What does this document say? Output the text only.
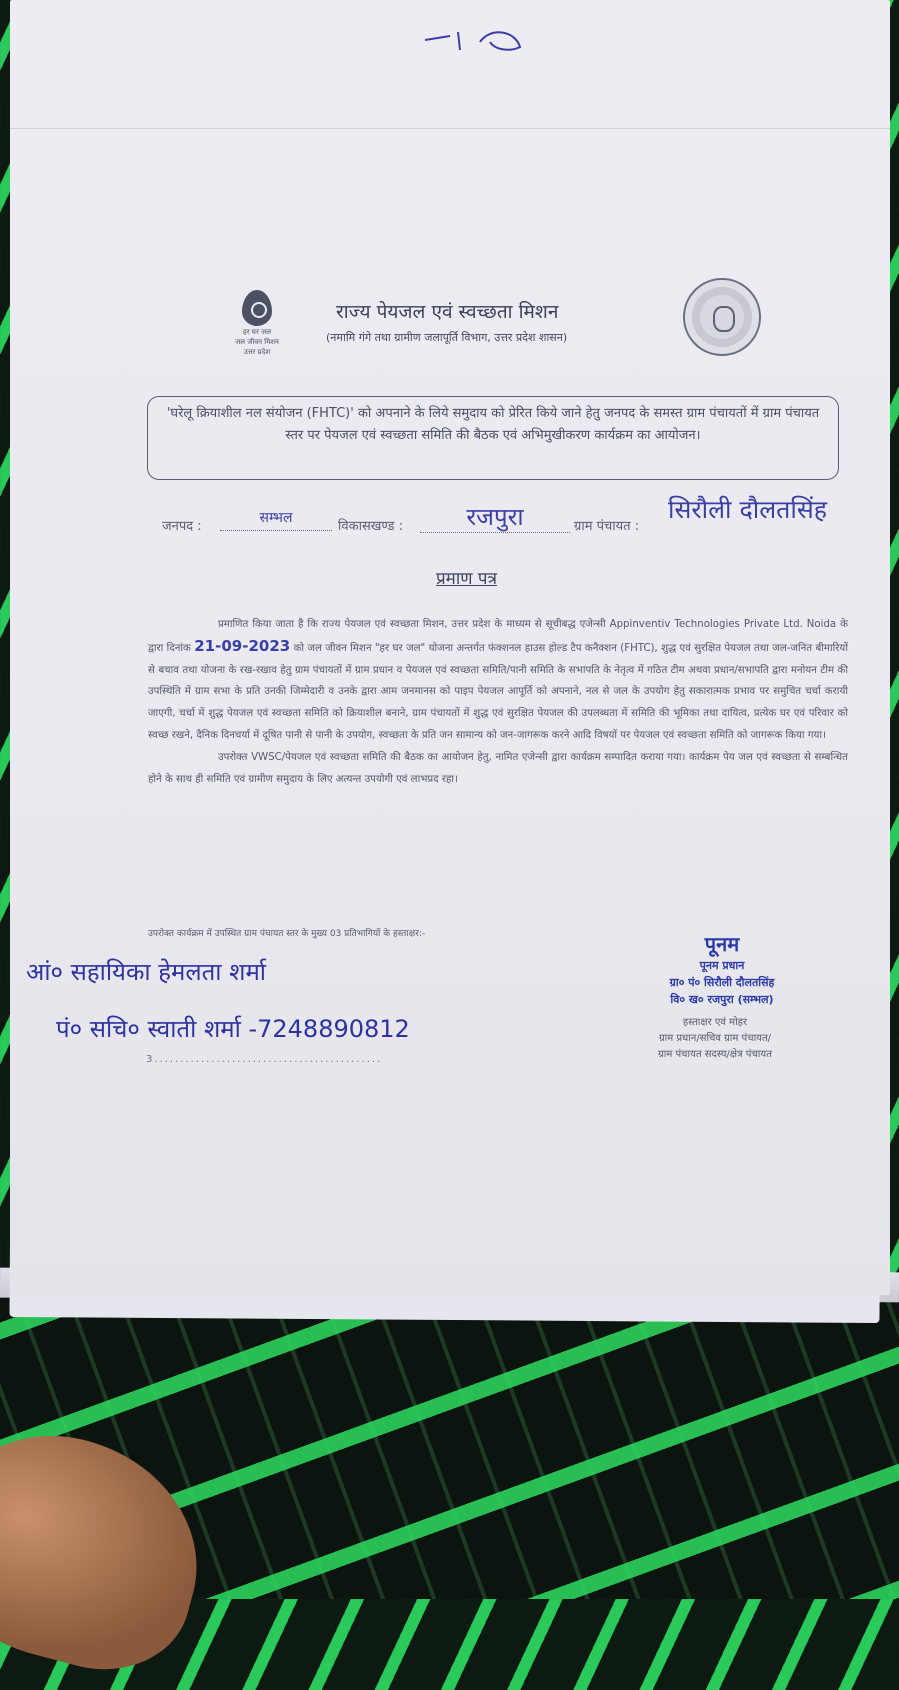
हर घर जल
जल जीवन मिशन
उत्तर प्रदेश
राज्य पेयजल एवं स्वच्छता मिशन
(नमामि गंगे तथा ग्रामीण जलापूर्ति विभाग, उत्तर प्रदेश शासन)
'घरेलू क्रियाशील नल संयोजन (FHTC)' को अपनाने के लिये समुदाय को प्रेरित किये जाने हेतु जनपद के समस्त ग्राम पंचायतों में ग्राम पंचायत स्तर पर पेयजल एवं स्वच्छता समिति की बैठक एवं अभिमुखीकरण कार्यक्रम का आयोजन।
जनपद :
सम्भल
विकासखण्ड :	रजपुरा	ग्राम पंचायत :
सिरौली दौलतसिंह
प्रमाण पत्र

प्रमाणित किया जाता है कि राज्य पेयजल एवं स्वच्छता मिशन, उत्तर प्रदेश के माध्यम से सूचीबद्ध एजेन्सी Appinventiv Technologies Private Ltd. Noida के द्वारा दिनांक 21-09-2023 को जल जीवन मिशन "हर घर जल" योजना अन्तर्गत फंक्शनल हाउस होल्ड टैप कनैक्शन (FHTC), शुद्ध एवं सुरक्षित पेयजल तथा जल-जनित बीमारियों से बचाव तथा योजना के रख-रखाव हेतु ग्राम पंचायतों में ग्राम प्रधान व पेयजल एवं स्वच्छता समिति/पानी समिति के सभापति के नेतृत्व में गठित टीम अथवा प्रधान/सभापति द्वारा मनोयन टीम की उपस्थिति में ग्राम सभा के प्रति उनकी जिम्मेदारी व उनके द्वारा आम जनमानस को पाइप पेयजल आपूर्ति को अपनाने, नल से जल के उपयोग हेतु सकारात्मक प्रभाव पर समुचित चर्चा करायी जाएगी, चर्चा में शुद्ध पेयजल एवं स्वच्छता समिति को क्रियाशील बनाने, ग्राम पंचायतों में शुद्ध एवं सुरक्षित पेयजल की उपलब्धता में समिति की भूमिका तथा दायित्व, प्रत्येक घर एवं परिवार को स्वच्छ रखने, दैनिक दिनचर्या में दूषित पानी से पानी के उपयोग, स्वच्छता के प्रति जन सामान्य को जन-जागरूक करने आदि विषयों पर पेयजल एवं स्वच्छता समिति को जागरूक किया गया।

उपरोक्त VWSC/पेयजल एवं स्वच्छता समिति की बैठक का आयोजन हेतु, नामित एजेन्सी द्वारा कार्यक्रम सम्पादित कराया गया। कार्यक्रम पेय जल एवं स्वच्छता से सम्बन्धित होने के साथ ही समिति एवं ग्रामीण समुदाय के लिए अत्यन्त उपयोगी एवं लाभप्रद रहा।

उपरोक्त कार्यक्रम में उपस्थित ग्राम पंचायत स्तर के मुख्य 03 प्रतिभागियों के हस्ताक्षर:-
आं० सहायिका हेमलता शर्मा
पं० सचि० स्वाती शर्मा -7248890812
3............................................
पूनम
पूनम प्रधान
ग्रा० पं० सिरौली दौलतसिंह
वि० ख० रजपुरा (सम्भल)
हस्ताक्षर एवं मोहर
ग्राम प्रधान/सचिव ग्राम पंचायत/
ग्राम पंचायत सदस्य/क्षेत्र पंचायत
